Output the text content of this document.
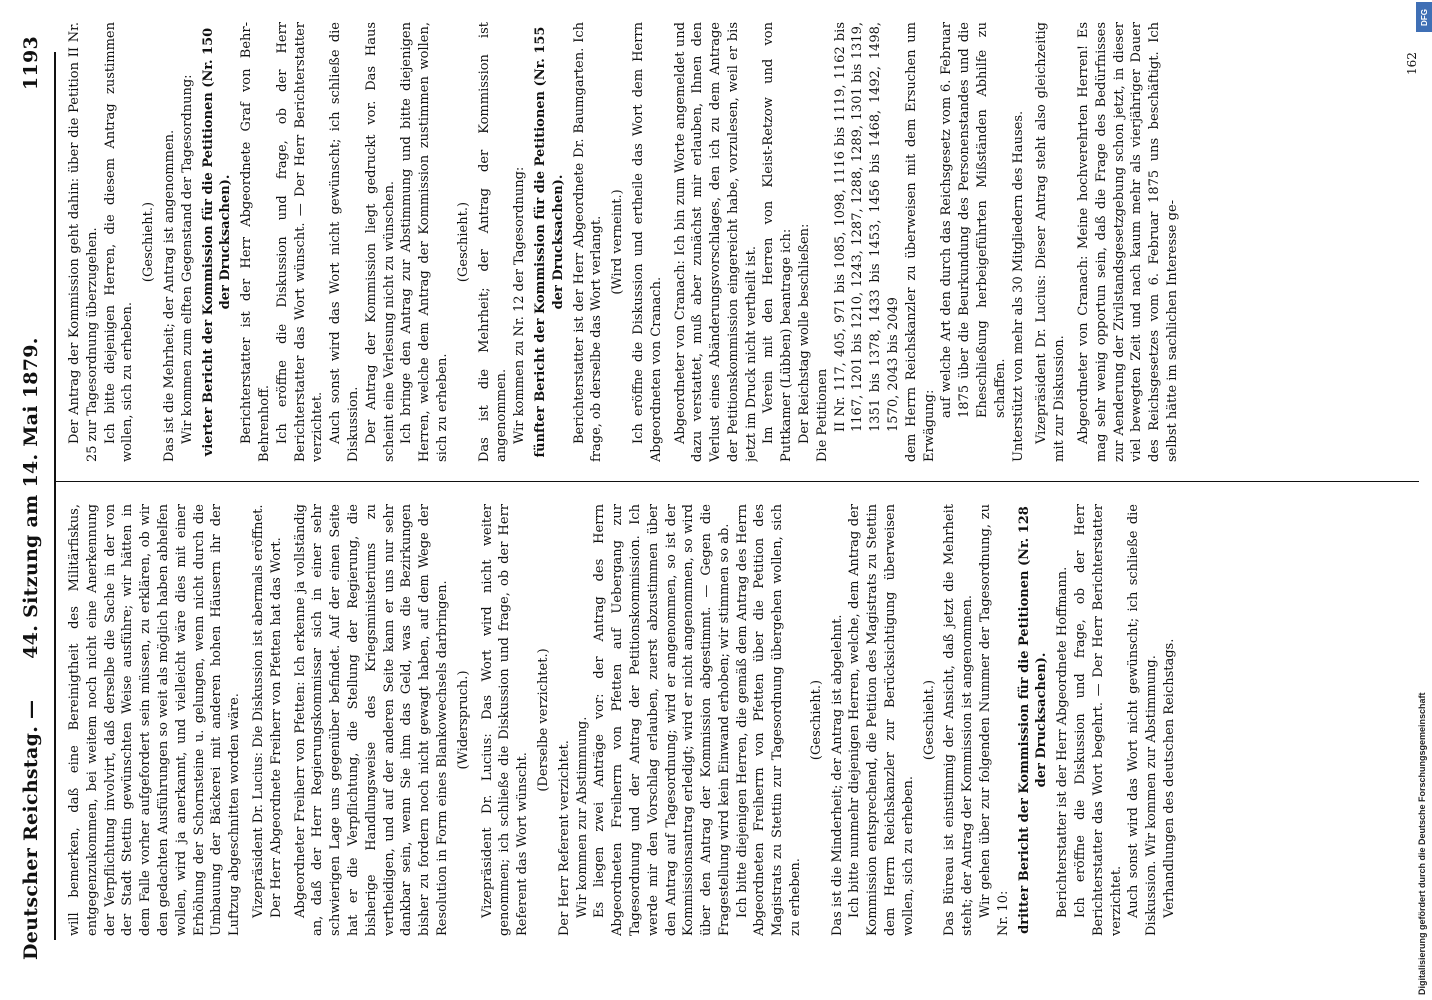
Deutscher Reichstag. —
44. Sitzung am 14. Mai 1879.
1193

will bemerken, daß eine Bereinigtheit des Militärfiskus, entgegenzukommen, bei weitem noch nicht eine Anerkennung der Verpflichtung involvirt, daß derselbe die Sache in der von der Stadt Stettin gewünschten Weise ausführe; wir hätten in dem Falle vorher aufgefordert sein müssen, zu erklären, ob wir den gedachten Ausführungen so weit als möglich haben abhelfen wollen, wird ja anerkannt, und vielleicht wäre dies mit einer Erhöhung der Schornsteine u. gelungen, wenn nicht durch die Umbauung der Bäckerei mit anderen hohen Häusern ihr der Luftzug abgeschnitten worden wäre. Vizepräsident Dr. Lucius: Die Diskussion ist abermals eröffnet. Der Herr Abgeordnete Freiherr von Pfetten hat das Wort. Abgeordneter Freiherr von Pfetten: Ich erkenne ja vollständig an, daß der Herr Regierungskommissar sich in einer sehr schwierigen Lage uns gegenüber befindet. Auf der einen Seite hat er die Verpflichtung, die Stellung der Regierung, die bisherige Handlungsweise des Kriegsministeriums zu vertheidigen, und auf der anderen Seite kann er uns nur sehr dankbar sein, wenn Sie ihm das Geld, was die Bezirkungen bisher zu fordern noch nicht gewagt haben, auf dem Wege der Resolution in Form eines Blankowechsels darbringen. (Widerspruch.) Vizepräsident Dr. Lucius: Das Wort wird nicht weiter genommen; ich schließe die Diskussion und frage, ob der Herr Referent das Wort wünscht.

(Derselbe verzichtet.)

Der Herr Referent verzichtet. Wir kommen zur Abstimmung. Es liegen zwei Anträge vor: der Antrag des Herrn Abgeordneten Freiherrn von Pfetten auf Uebergang zur Tagesordnung und der Antrag der Petitionskommission. Ich werde mir den Vorschlag erlauben, zuerst abzustimmen über den Antrag auf Tagesordnung; wird er angenommen, so ist der Kommissionsantrag erledigt; wird er nicht angenommen, so wird über den Antrag der Kommission abgestimmt. — Gegen die Fragestellung wird kein Einwand erhoben; wir stimmen so ab. Ich bitte diejenigen Herren, die gemäß dem Antrag des Herrn Abgeordneten Freiherrn von Pfetten über die Petition des Magistrats zu Stettin zur Tagesordnung übergehen wollen, sich zu erheben.

(Geschieht.) Das ist die Minderheit; der Antrag ist abgelehnt. Ich bitte nunmehr diejenigen Herren, welche, dem Antrag der Kommission entsprechend, die Petition des Magistrats zu Stettin dem Herrn Reichskanzler zur Berücksichtigung überweisen wollen, sich zu erheben.

(Geschieht.) Das Büreau ist einstimmig der Ansicht, daß jetzt die Mehrheit steht; der Antrag der Kommission ist angenommen. Wir gehen über zur folgenden Nummer der Tagesordnung, zu Nr. 10: dritter Bericht der Kommission für die Petitionen (Nr. 128 der Drucksachen). Berichterstatter ist der Herr Abgeordnete Hoffmann. Ich eröffne die Diskussion und frage, ob der Herr Berichterstatter das Wort begehrt. — Der Herr Berichterstatter verzichtet. Auch sonst wird das Wort nicht gewünscht; ich schließe die Diskussion. Wir kommen zur Abstimmung. Verhandlungen des deutschen Reichstags.

Der Antrag der Kommission geht dahin: über die Petition II Nr. 25 zur Tagesordnung überzugehen. Ich bitte diejenigen Herren, die diesem Antrag zustimmen wollen, sich zu erheben.

(Geschieht.) Das ist die Mehrheit; der Antrag ist angenommen. Wir kommen zum elften Gegenstand der Tagesordnung: vierter Bericht der Kommission für die Petitionen (Nr. 150 der Drucksachen). Berichterstatter ist der Herr Abgeordnete Graf von Behr-Behrenhoff. Ich eröffne die Diskussion und frage, ob der Herr Berichterstatter das Wort wünscht. — Der Herr Berichterstatter verzichtet. Auch sonst wird das Wort nicht gewünscht; ich schließe die Diskussion. Der Antrag der Kommission liegt gedruckt vor. Das Haus scheint eine Verlesung nicht zu wünschen. Ich bringe den Antrag zur Abstimmung und bitte diejenigen Herren, welche dem Antrag der Kommission zustimmen wollen, sich zu erheben.

(Geschieht.) Das ist die Mehrheit; der Antrag der Kommission ist angenommen. Wir kommen zu Nr. 12 der Tagesordnung: fünfter Bericht der Kommission für die Petitionen (Nr. 155 der Drucksachen). Berichterstatter ist der Herr Abgeordnete Dr. Baumgarten. Ich frage, ob derselbe das Wort verlangt. (Wird verneint.) Ich eröffne die Diskussion und ertheile das Wort dem Herrn Abgeordneten von Cranach. Abgeordneter von Cranach: Ich bin zum Worte angemeldet und dazu verstattet, muß aber zunächst mir erlauben, Ihnen den Verlust eines Abänderungsvorschlages, den ich zu dem Antrage der Petitionskommission eingereicht habe, vorzulesen, weil er bis jetzt im Druck nicht vertheilt ist. Im Verein mit den Herren von Kleist-Retzow und von Puttkamer (Lübben) beantrage ich: Der Reichstag wolle beschließen: Die Petitionen II Nr. 117, 405, 971 bis 1085, 1098, 1116 bis 1119, 1162 bis 1167, 1201 bis 1210, 1243, 1287, 1288, 1289, 1301 bis 1319, 1351 bis 1378, 1433 bis 1453, 1456 bis 1468, 1492, 1498, 1570, 2043 bis 2049 dem Herrn Reichskanzler zu überweisen mit dem Ersuchen um Erwägung:

auf welche Art den durch das Reichsgesetz vom 6. Februar 1875 über die Beurkundung des Personenstandes und die Eheschließung herbeigeführten Mißständen Abhilfe zu schaffen. Unterstützt von mehr als 30 Mitgliedern des Hauses. Vizepräsident Dr. Lucius: Dieser Antrag steht also gleichzeitig mit zur Diskussion. Abgeordneter von Cranach: Meine hochverehrten Herren! Es mag sehr wenig opportun sein, daß die Frage des Bedürfnisses zur Aenderung der Zivilstandsgesetzgebung schon jetzt, in dieser viel bewegten Zeit und nach kaum mehr als vierjähriger Dauer des Reichsgesetzes vom 6. Februar 1875 uns beschäftigt. Ich selbst hätte im sachlichen Interesse ge-

162
DFG
Digitalisierung gefördert durch die Deutsche Forschungsgemeinschaft
